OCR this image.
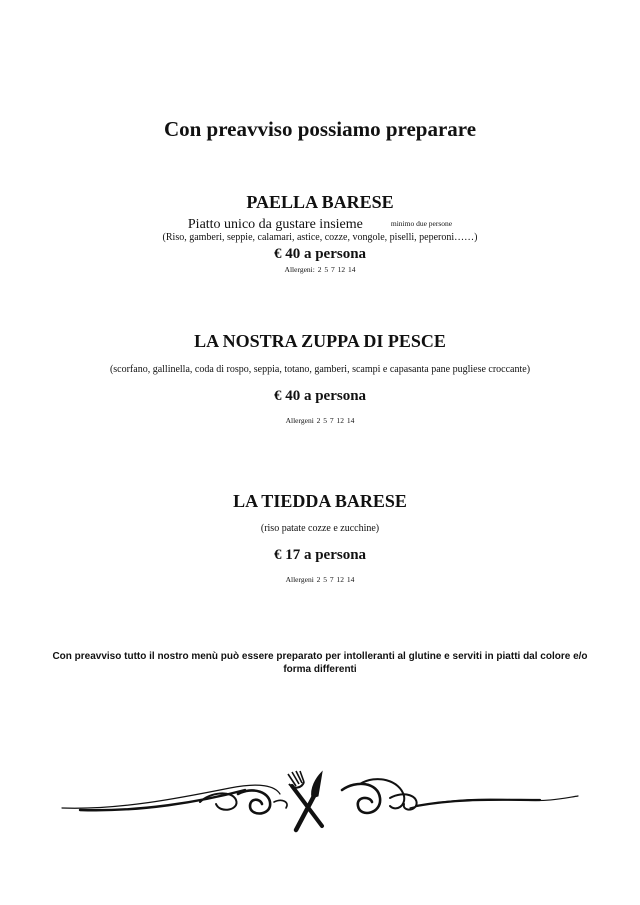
Con preavviso possiamo preparare
PAELLA BARESE
Piatto unico da gustare insieme	minimo due persone
(Riso, gamberi, seppie, calamari, astice, cozze, vongole, piselli, peperoni……)
€ 40 a persona
Allergeni: 2 5 7 12 14
LA NOSTRA ZUPPA DI PESCE
(scorfano, gallinella, coda di rospo, seppia, totano, gamberi, scampi e capasanta pane pugliese croccante)
€ 40 a persona
Allergeni 2 5 7 12 14
LA TIEDDA BARESE
(riso patate cozze e zucchine)
€ 17 a persona
Allergeni 2 5 7 12 14
Con preavviso tutto il nostro menù può essere preparato per intolleranti al glutine e serviti in piatti dal colore e/o forma differenti
